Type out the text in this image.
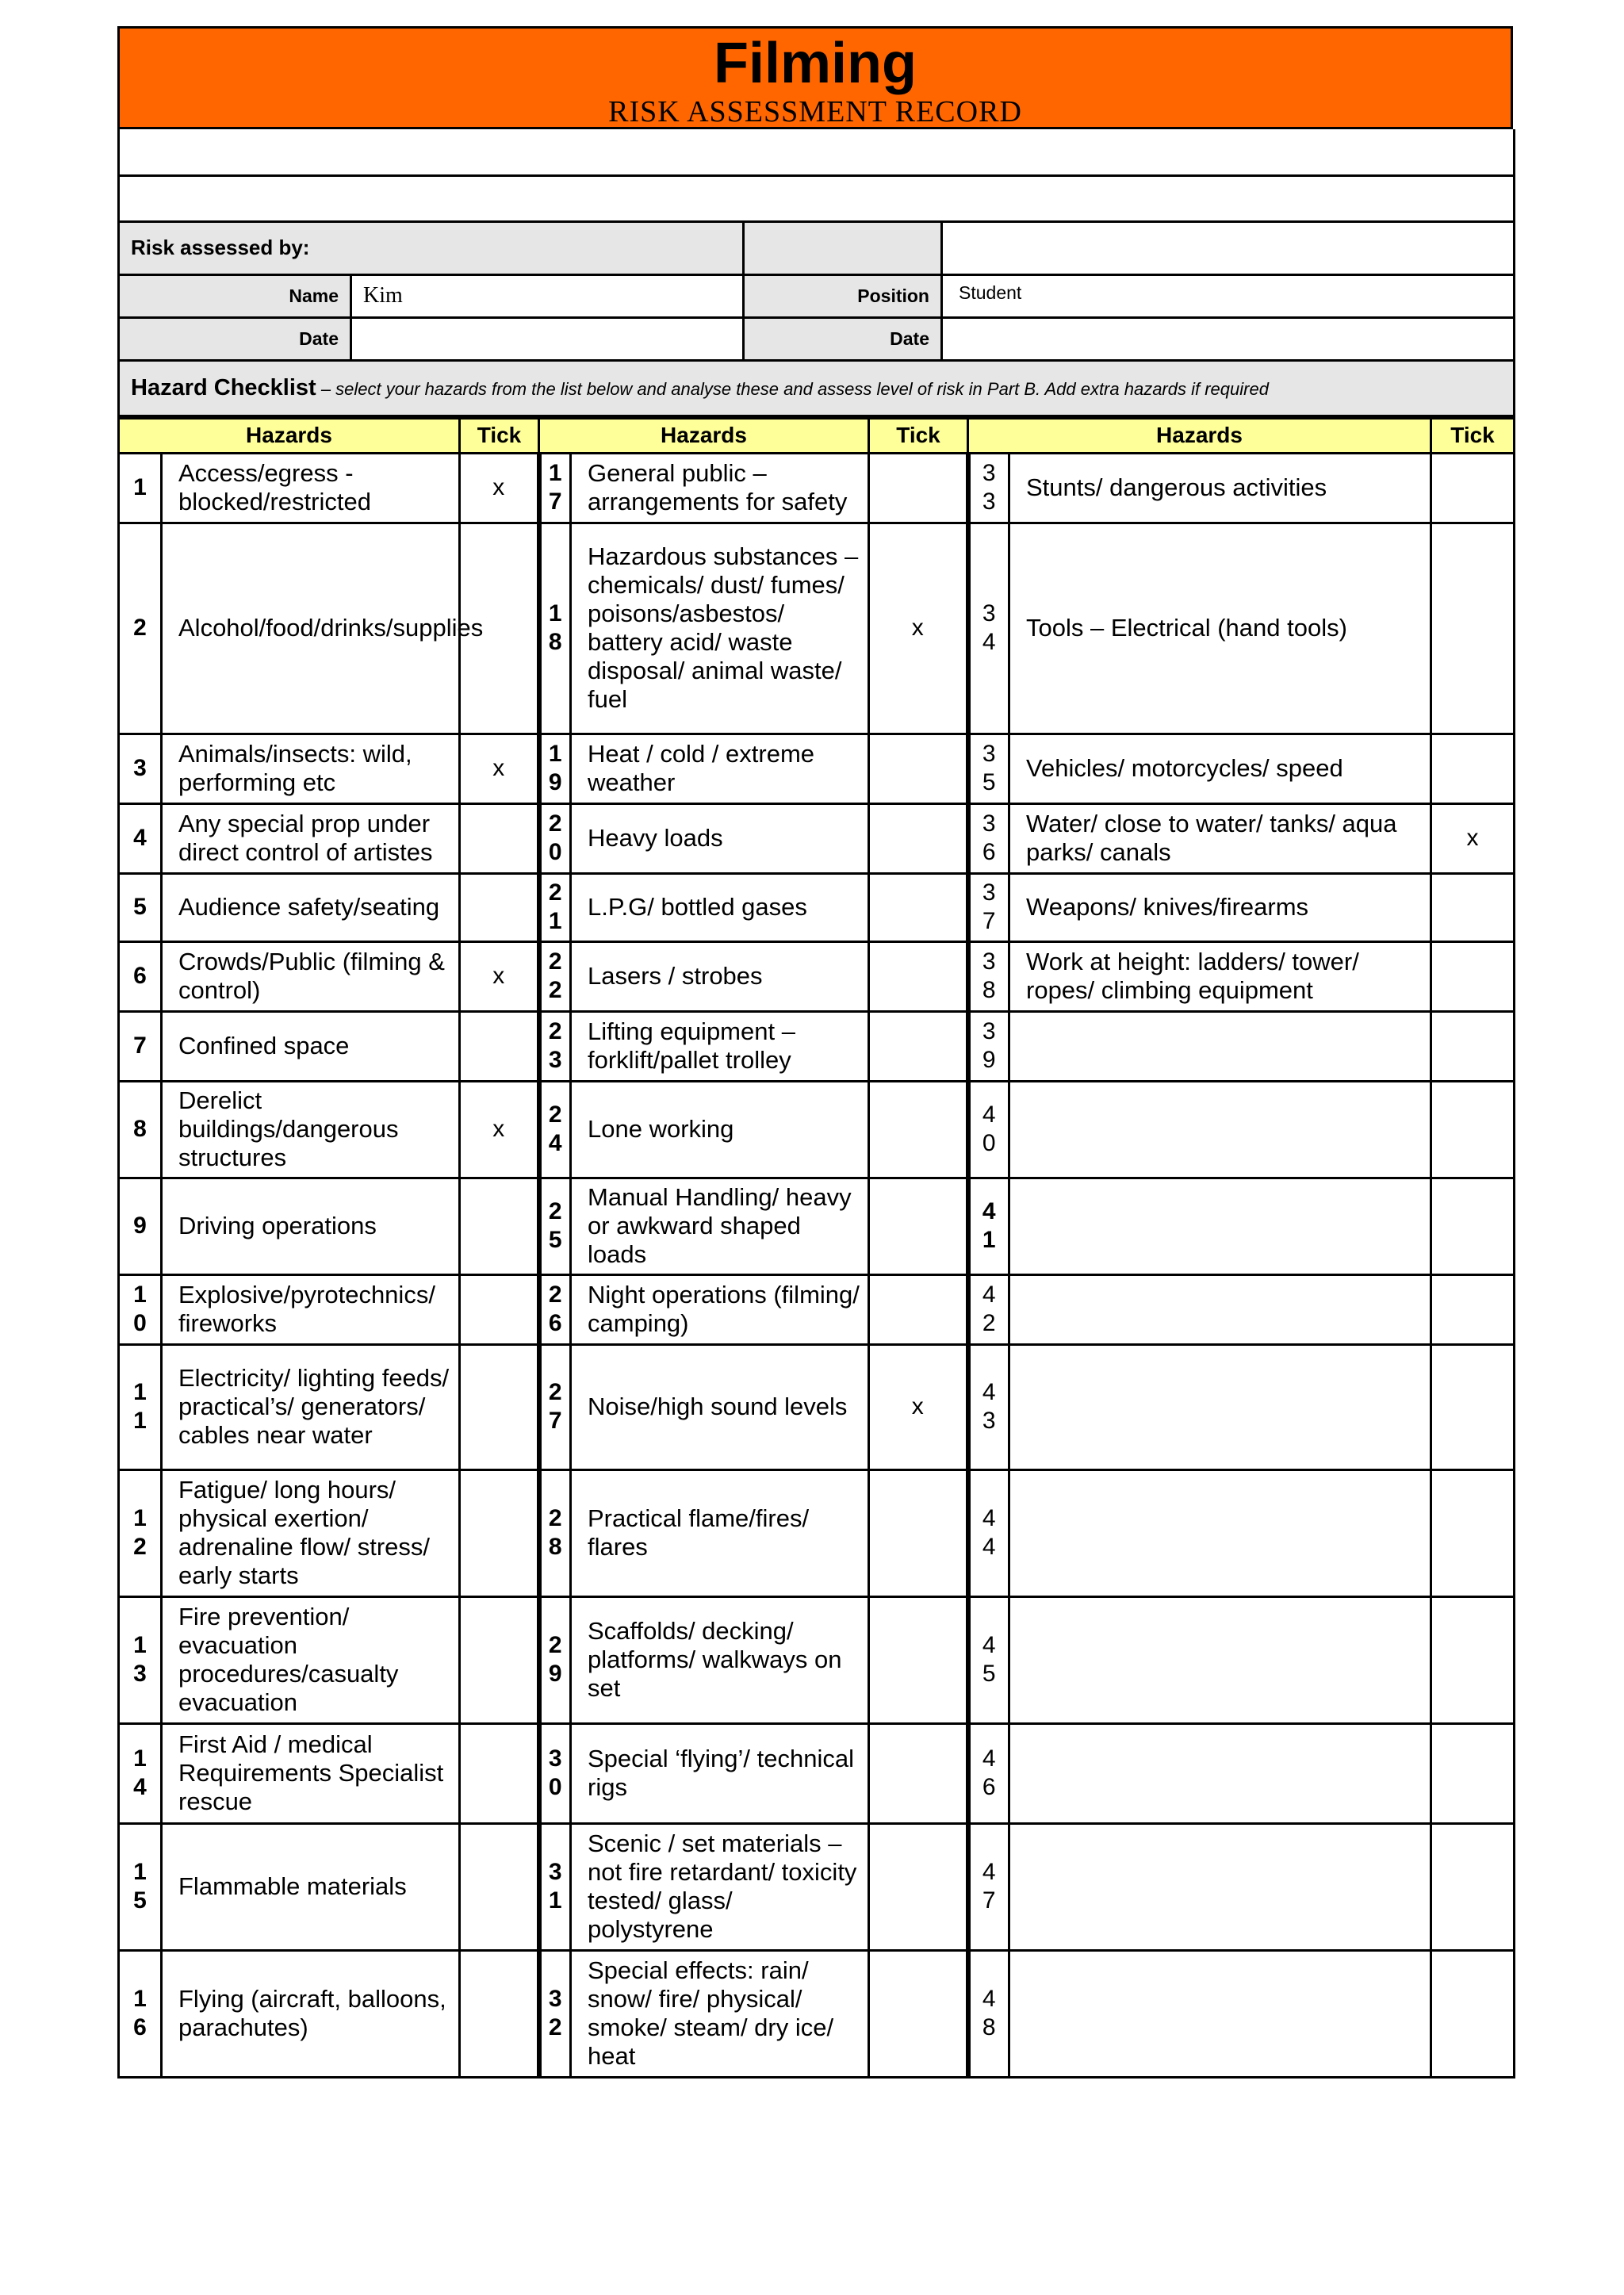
Filming
RISK ASSESSMENT RECORD

Risk assessed by:			
Name	Kim	Position	Student
Date		Date	
Hazard Checklist – select your hazards from the list below and analyse these and assess level of risk in Part B. Add extra hazards if required			
Hazards		Tick	Hazards		Tick	Hazards		Tick
1	Access/egress - blocked/restricted	x	17	General public – arrangements for safety		33	Stunts/ dangerous activities	
2	Alcohol/food/drinks/supplies		18	Hazardous substances – chemicals/ dust/ fumes/ poisons/asbestos/ battery acid/ waste disposal/ animal waste/ fuel	x	34	Tools – Electrical (hand tools)	
3	Animals/insects: wild, performing etc	x	19	Heat / cold / extreme weather		35	Vehicles/ motorcycles/ speed	
4	Any special prop under direct control of artistes		20	Heavy loads		36	Water/ close to water/ tanks/ aqua parks/ canals	x
5	Audience safety/seating		21	L.P.G/ bottled gases		37	Weapons/ knives/firearms	
6	Crowds/Public (filming & control)	x	22	Lasers / strobes		38	Work at height: ladders/ tower/ ropes/ climbing equipment	
7	Confined space		23	Lifting equipment – forklift/pallet trolley		39		
8	Derelict buildings/dangerous structures	x	24	Lone working		40		
9	Driving operations		25	Manual Handling/ heavy or awkward shaped loads		41		
10	Explosive/pyrotechnics/ fireworks		26	Night operations (filming/ camping)		42		
11	Electricity/ lighting feeds/ practical’s/ generators/ cables near water		27	Noise/high sound levels	x	43		
12	Fatigue/ long hours/ physical exertion/ adrenaline flow/ stress/ early starts		28	Practical flame/fires/ flares		44		
13	Fire prevention/ evacuation procedures/casualty evacuation		29	Scaffolds/ decking/ platforms/ walkways on set		45		
14	First Aid / medical Requirements Specialist rescue		30	Special ‘flying’/ technical rigs		46		
15	Flammable materials		31	Scenic / set materials – not fire retardant/ toxicity tested/ glass/ polystyrene		47		
16	Flying (aircraft, balloons, parachutes)		32	Special effects: rain/ snow/ fire/ physical/ smoke/ steam/ dry ice/ heat		48		
